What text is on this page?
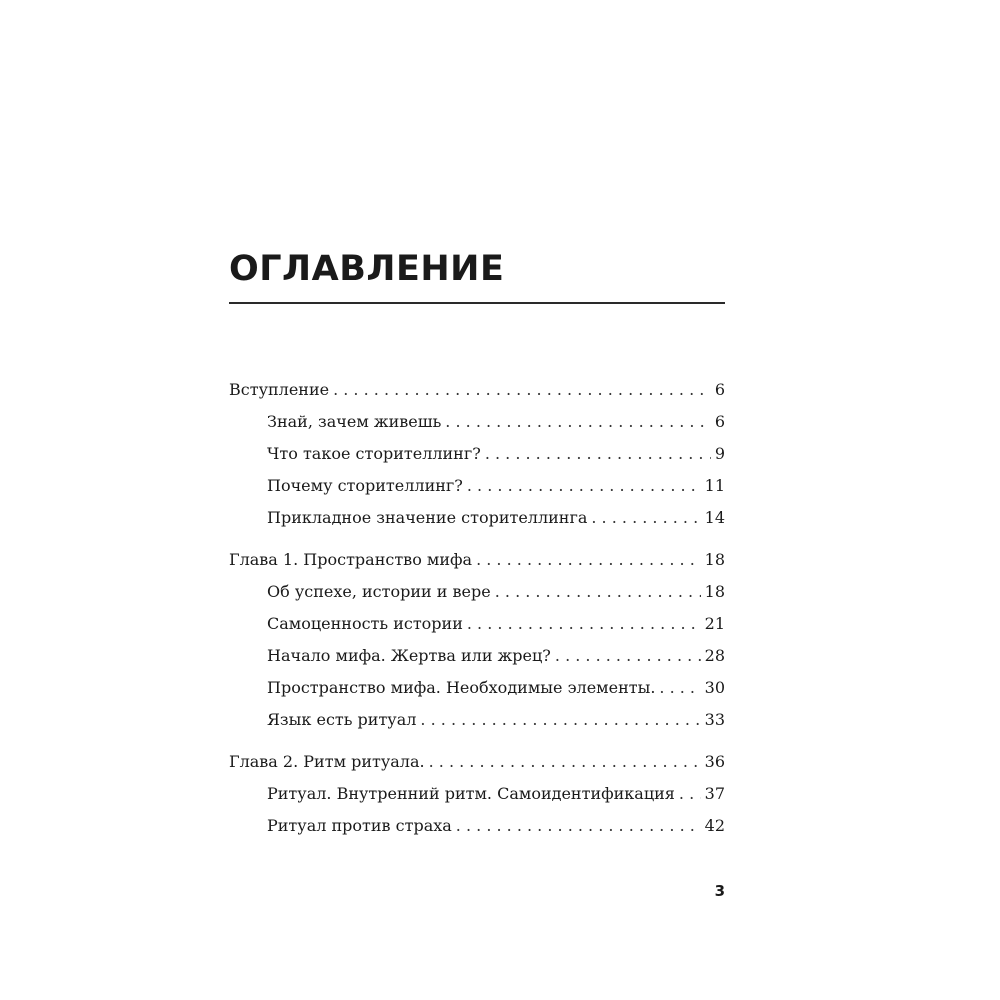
ОГЛАВЛЕНИЕ
Вступление . . .	6
Знай, зачем живешь . . .	6
Что такое сторителлинг? . . .	9
Почему сторителлинг? . . .	11
Прикладное значение сторителлинга . . .	14
Глава 1. Пространство мифа . . .	18
Об успехе, истории и вере . . .	18
Самоценность истории . . .	21
Начало мифа. Жертва или жрец? . . .	28
Пространство мифа. Необходимые элементы. . . .	30
Язык есть ритуал . . .	33
Глава 2. Ритм ритуала. . . .	36
Ритуал. Внутренний ритм. Самоидентификация . . . 37
Ритуал против страха . . .	42
3
